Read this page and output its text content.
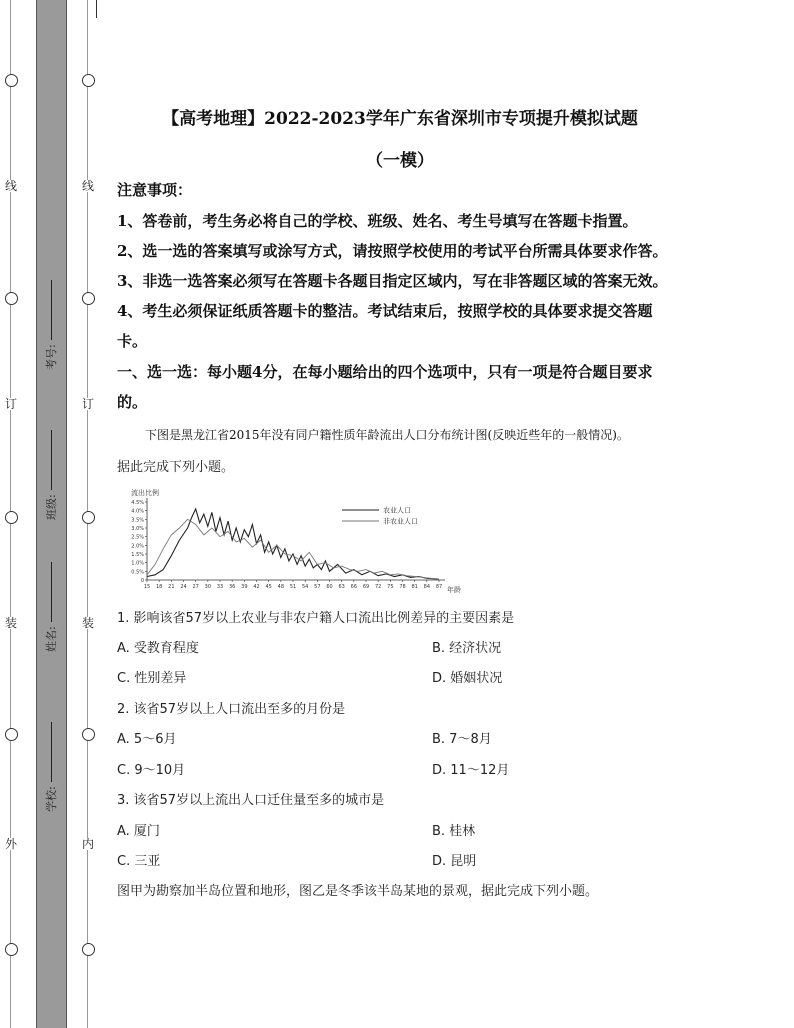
线
订
装
外
线
订
装
内
考号:
班级:
姓名:
学校:
【高考地理】2022-2023学年广东省深圳市专项提升模拟试题
（一模）
注意事项：
1、答卷前，考生务必将自己的学校、班级、姓名、考生号填写在答题卡指置。
2、选一选的答案填写或涂写方式，请按照学校使用的考试平台所需具体要求作答。
3、非选一选答案必须写在答题卡各题目指定区域内，写在非答题区域的答案无效。
4、考生必须保证纸质答题卡的整洁。考试结束后，按照学校的具体要求提交答题
卡。
一、选一选：每小题4分，在每小题给出的四个选项中，只有一项是符合题目要求
的。
下图是黑龙江省2015年没有同户籍性质年龄流出人口分布统计图(反映近些年的一般情况)。
据此完成下列小题。
流出比例
年龄
0
0.5%
1.0%
1.5%
2.0%
2.5%
3.0%
3.5%
4.0%
4.5%
15 18 21 24 27 30 33 36 39 42 45 48 51 54 57 60 63 66 69 72 75 78 81 84 87
农业人口
非农业人口
1. 影响该省57岁以上农业与非农户籍人口流出比例差异的主要因素是
A. 受教育程度	B. 经济状况
C. 性别差异	D. 婚姻状况
2. 该省57岁以上人口流出至多的月份是
A. 5～6月	B. 7～8月
C. 9～10月	D. 11～12月
3. 该省57岁以上流出人口迁住量至多的城市是
A. 厦门	B. 桂林
C. 三亚	D. 昆明
图甲为勘察加半岛位置和地形，图乙是冬季该半岛某地的景观，据此完成下列小题。
